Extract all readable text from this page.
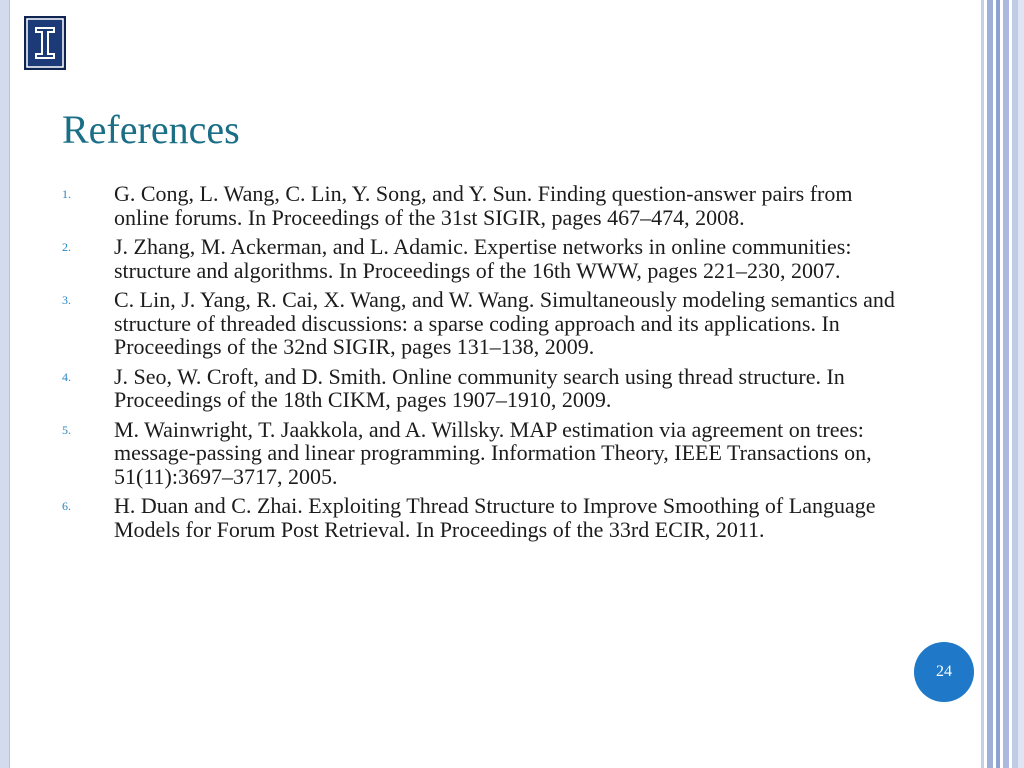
References
1.	G. Cong, L. Wang, C. Lin, Y. Song, and Y. Sun. Finding question-answer pairs from online forums. In Proceedings of the 31st SIGIR, pages 467–474, 2008.
2.	J. Zhang, M. Ackerman, and L. Adamic. Expertise networks in online communities: structure and algorithms. In Proceedings of the 16th WWW, pages 221–230, 2007.
3.	C. Lin, J. Yang, R. Cai, X. Wang, and W. Wang. Simultaneously modeling semantics and structure of threaded discussions: a sparse coding approach and its applications. In Proceedings of the 32nd SIGIR, pages 131–138, 2009.
4.	J. Seo, W. Croft, and D. Smith. Online community search using thread structure. In Proceedings of the 18th CIKM, pages 1907–1910, 2009.
5.	M. Wainwright, T. Jaakkola, and A. Willsky. MAP estimation via agreement on trees: message-passing and linear programming. Information Theory, IEEE Transactions on, 51(11):3697–3717, 2005.
6.	H. Duan and C. Zhai. Exploiting Thread Structure to Improve Smoothing of Language Models for Forum Post Retrieval. In Proceedings of the 33rd ECIR, 2011.
24
